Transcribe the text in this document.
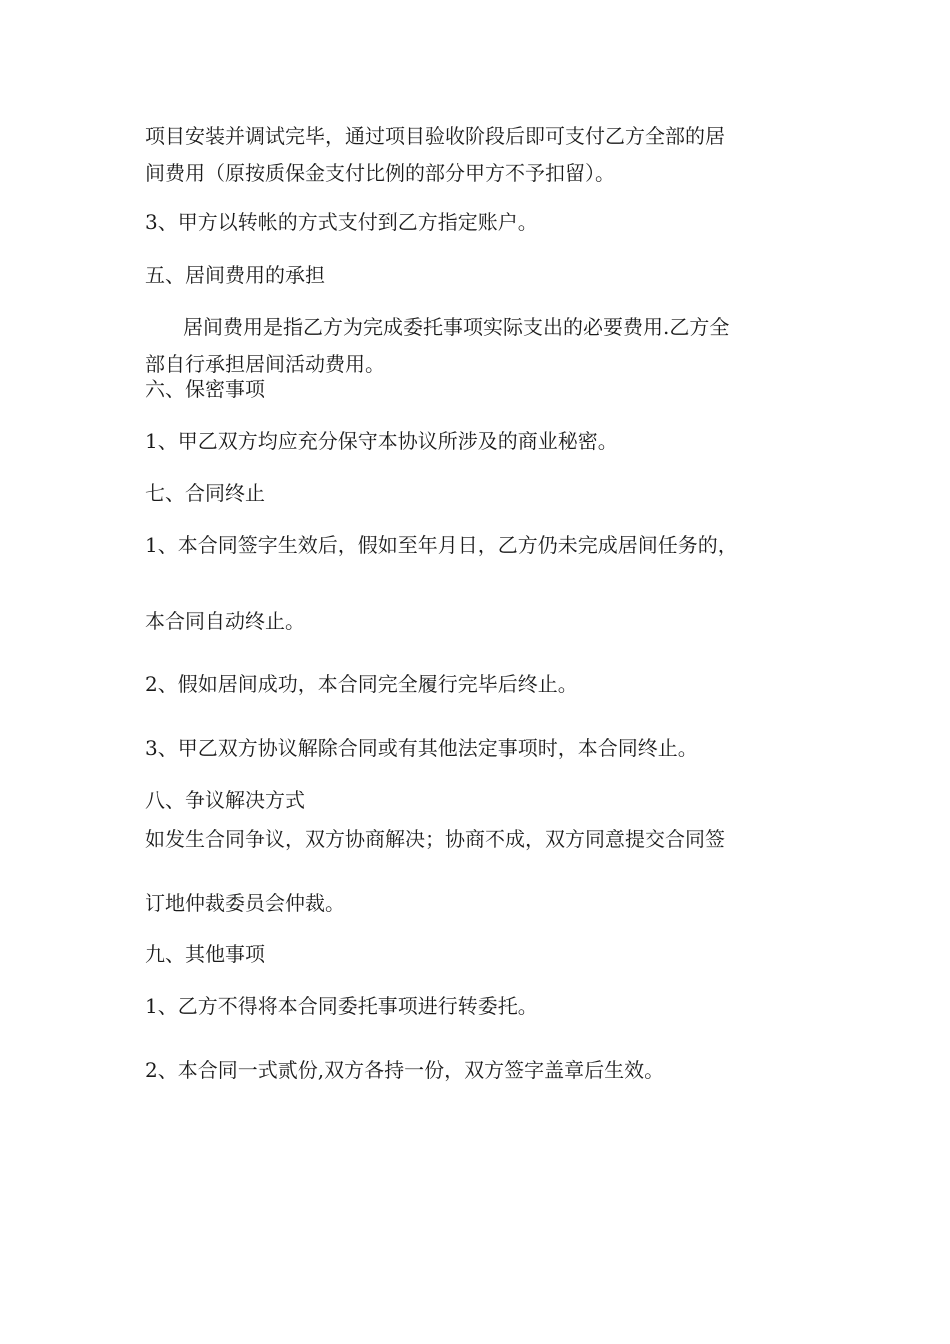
项目安装并调试完毕，通过项目验收阶段后即可支付乙方全部的居
间费用（原按质保金支付比例的部分甲方不予扣留）。
3、甲方以转帐的方式支付到乙方指定账户。
五、居间费用的承担
居间费用是指乙方为完成委托事项实际支出的必要费用.乙方全
部自行承担居间活动费用。
六、保密事项
1、甲乙双方均应充分保守本协议所涉及的商业秘密。
七、合同终止
1、本合同签字生效后，假如至年月日，乙方仍未完成居间任务的，
本合同自动终止。
2、假如居间成功，本合同完全履行完毕后终止。
3、甲乙双方协议解除合同或有其他法定事项时，本合同终止。
八、争议解决方式
如发生合同争议，双方协商解决；协商不成，双方同意提交合同签
订地仲裁委员会仲裁。
九、其他事项
1、乙方不得将本合同委托事项进行转委托。
2、本合同一式贰份,双方各持一份，双方签字盖章后生效。
